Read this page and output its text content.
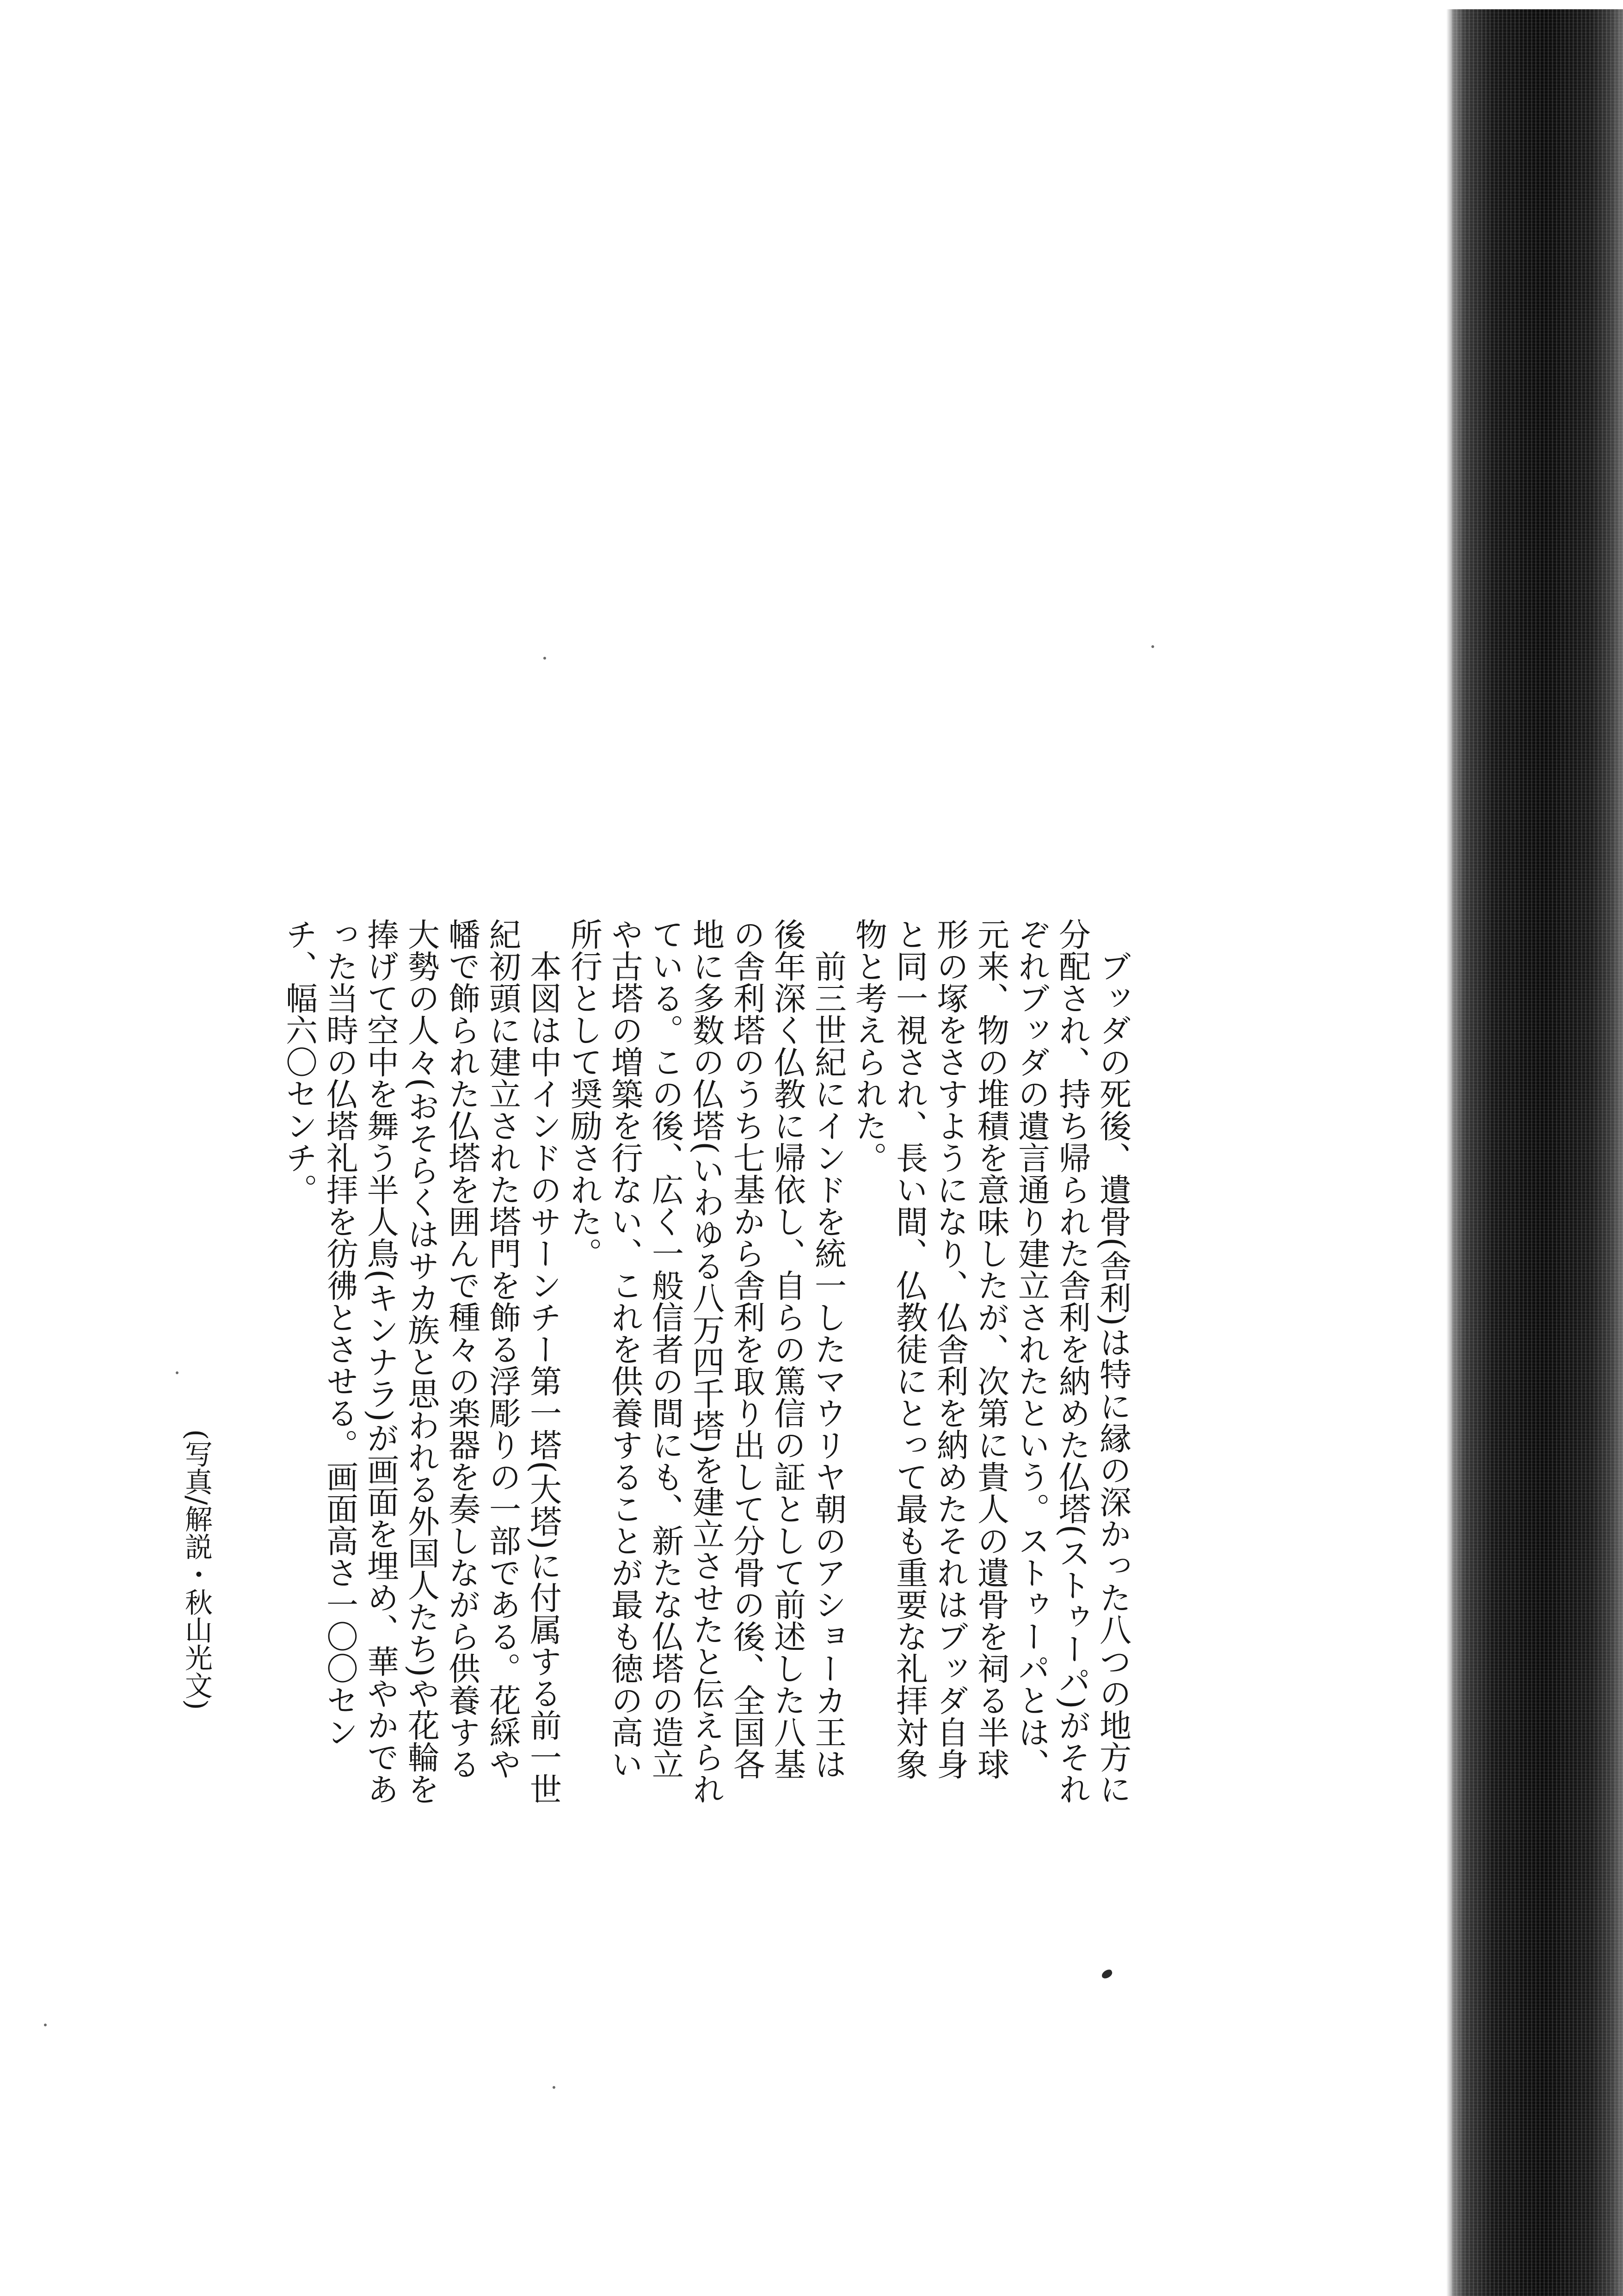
ブッダの死後、遺骨(舎利)は特に縁の深かった八つの地方に分配され、持ち帰られた舎利を納めた仏塔(ストゥーパ)がそれぞれブッダの遺言通り建立されたという。ストゥーパとは、元来、物の堆積を意味したが、次第に貴人の遺骨を祠る半球形の塚をさすようになり、仏舎利を納めたそれはブッダ自身と同一視され、長い間、仏教徒にとって最も重要な礼拝対象物と考えられた。

前三世紀にインドを統一したマウリヤ朝のアショーカ王は後年深く仏教に帰依し、自らの篤信の証として前述した八基の舎利塔のうち七基から舎利を取り出して分骨の後、全国各地に多数の仏塔(いわゆる八万四千塔)を建立させたと伝えられている。この後、広く一般信者の間にも、新たな仏塔の造立や古塔の増築を行ない、これを供養することが最も徳の高い所行として奨励された。

本図は中インドのサーンチー第一塔(大塔)に付属する前一世紀初頭に建立された塔門を飾る浮彫りの一部である。花綵や幡で飾られた仏塔を囲んで種々の楽器を奏しながら供養する大勢の人々(おそらくはサカ族と思われる外国人たち)や花輪を捧げて空中を舞う半人鳥(キンナラ)が画面を埋め、華やかであった当時の仏塔礼拝を彷彿とさせる。画面高さ一〇〇センチ、幅六〇センチ。

(写真/解説・秋山光文)
